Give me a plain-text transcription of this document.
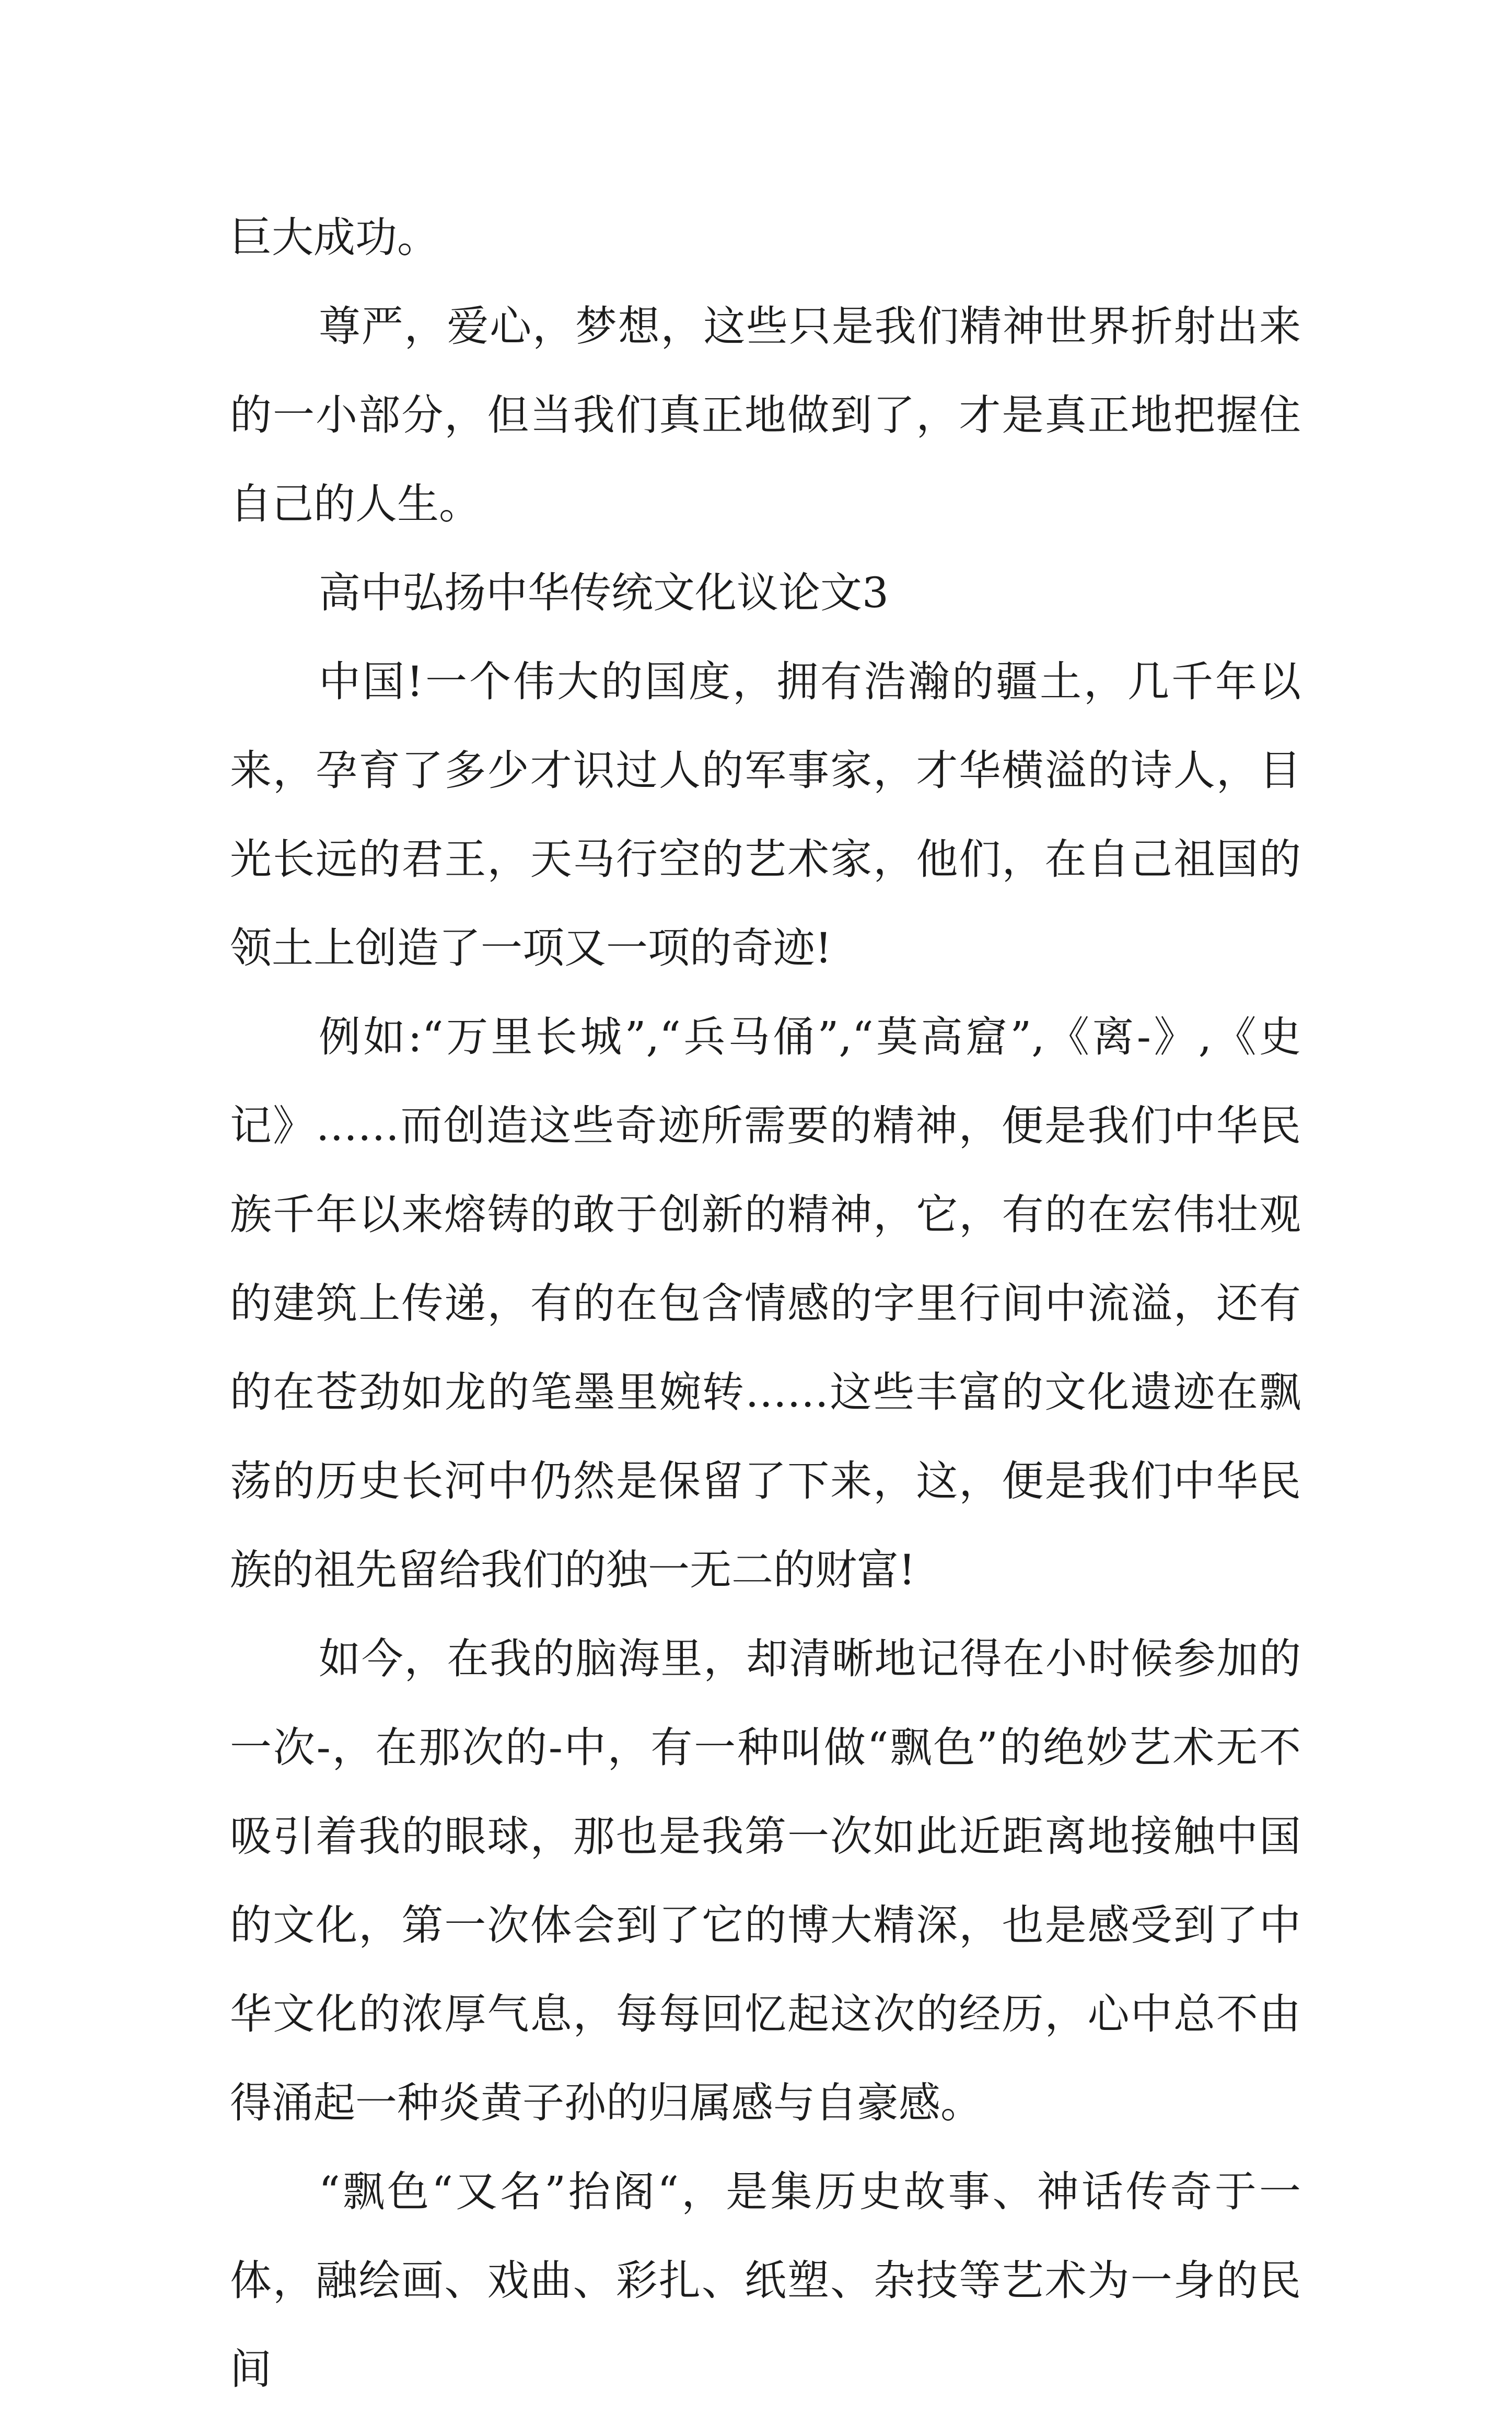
巨大成功。

尊严，爱心，梦想，这些只是我们精神世界折射出来的一小部分，但当我们真正地做到了，才是真正地把握住自己的人生。

高中弘扬中华传统文化议论文3

中国!一个伟大的国度，拥有浩瀚的疆土，几千年以来，孕育了多少才识过人的军事家，才华横溢的诗人，目光长远的君王，天马行空的艺术家，他们，在自己祖国的领土上创造了一项又一项的奇迹!

例如:“万里长城”,“兵马俑”,“莫高窟”,《离-》,《史记》……而创造这些奇迹所需要的精神，便是我们中华民族千年以来熔铸的敢于创新的精神，它，有的在宏伟壮观的建筑上传递，有的在包含情感的字里行间中流溢，还有的在苍劲如龙的笔墨里婉转……这些丰富的文化遗迹在飘荡的历史长河中仍然是保留了下来，这，便是我们中华民族的祖先留给我们的独一无二的财富!

如今，在我的脑海里，却清晰地记得在小时候参加的一次-，在那次的-中，有一种叫做“飘色”的绝妙艺术无不吸引着我的眼球，那也是我第一次如此近距离地接触中国的文化，第一次体会到了它的博大精深，也是感受到了中华文化的浓厚气息，每每回忆起这次的经历，心中总不由得涌起一种炎黄子孙的归属感与自豪感。

“飘色“又名”抬阁“，是集历史故事、神话传奇于一体，融绘画、戏曲、彩扎、纸塑、杂技等艺术为一身的民间
